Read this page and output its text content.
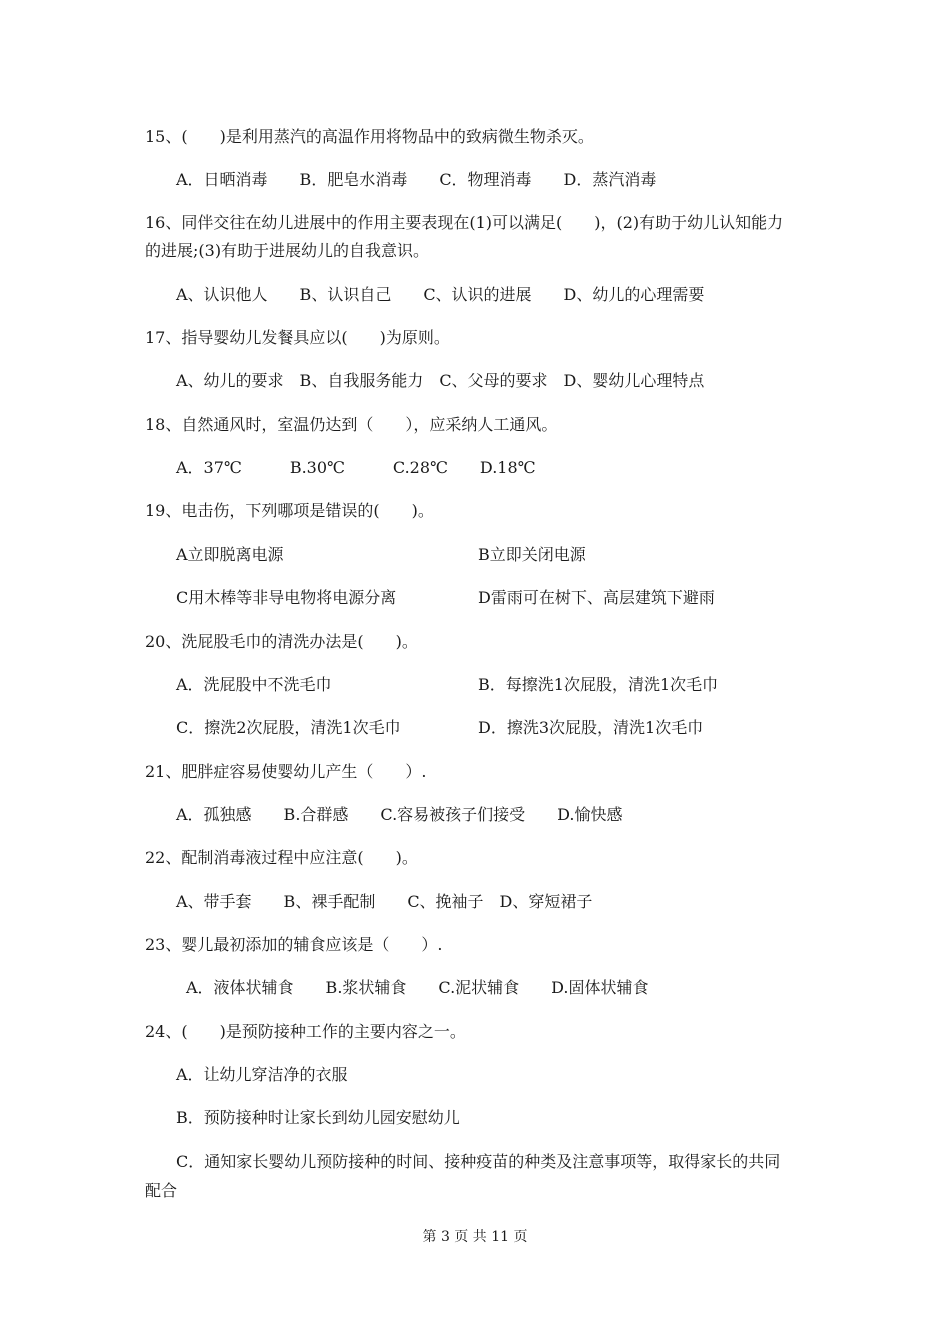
15、(　　)是利用蒸汽的高温作用将物品中的致病微生物杀灭。
A．日晒消毒　　B．肥皂水消毒　　C．物理消毒　　D．蒸汽消毒
16、同伴交往在幼儿进展中的作用主要表现在(1)可以满足(　　)，(2)有助于幼儿认知能力
的进展;(3)有助于进展幼儿的自我意识。
A、认识他人　　B、认识自己　　C、认识的进展　　D、幼儿的心理需要
17、指导婴幼儿发餐具应以(　　)为原则。
A、幼儿的要求　B、自我服务能力　C、父母的要求　D、婴幼儿心理特点
18、自然通风时，室温仍达到（　　），应采纳人工通风。
A．37℃　　　B.30℃　　　C.28℃　　D.18℃
19、电击伤，下列哪项是错误的(　　)。
A立即脱离电源	B立即关闭电源
C用木棒等非导电物将电源分离	D雷雨可在树下、高层建筑下避雨
20、洗屁股毛巾的清洗办法是(　　)。
A．洗屁股中不洗毛巾	B．每擦洗1次屁股，清洗1次毛巾
C．擦洗2次屁股，清洗1次毛巾	D．擦洗3次屁股，清洗1次毛巾
21、肥胖症容易使婴幼儿产生（　　）.
A．孤独感　　B.合群感　　C.容易被孩子们接受　　D.愉快感
22、配制消毒液过程中应注意(　　)。
A、带手套　　B、裸手配制　　C、挽袖子　D、穿短裙子
23、婴儿最初添加的辅食应该是（　　）.
A．液体状辅食　　B.浆状辅食　　C.泥状辅食　　D.固体状辅食
24、(　　)是预防接种工作的主要内容之一。
A．让幼儿穿洁净的衣服
B．预防接种时让家长到幼儿园安慰幼儿
C．通知家长婴幼儿预防接种的时间、接种疫苗的种类及注意事项等，取得家长的共同
配合
第 3 页 共 11 页
